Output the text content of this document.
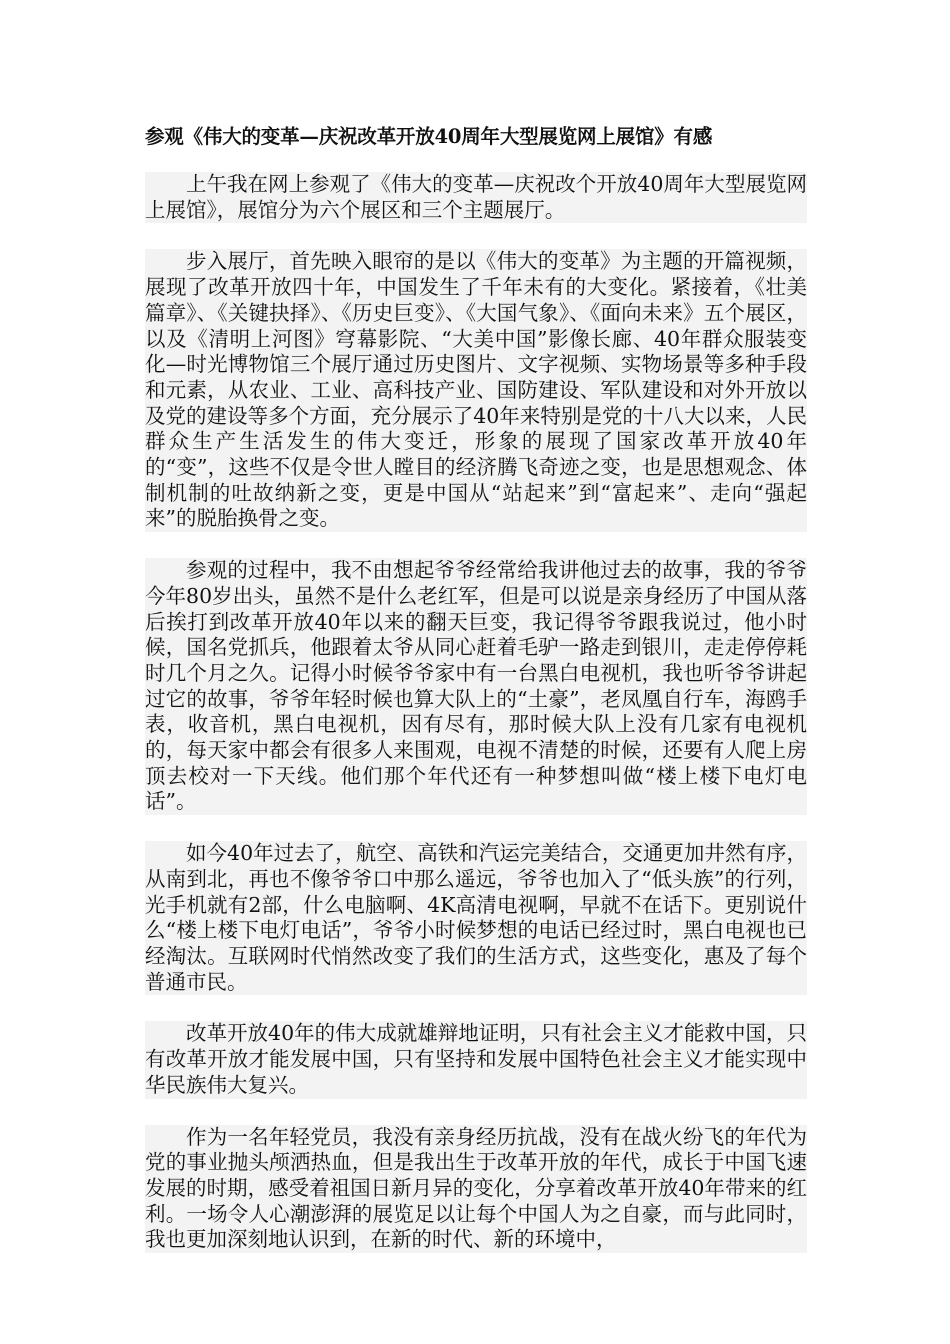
参观《伟大的变革—庆祝改革开放40周年大型展览网上展馆》有感

上午我在网上参观了《伟大的变革—庆祝改个开放40周年大型展览网上展馆》，展馆分为六个展区和三个主题展厅。

步入展厅，首先映入眼帘的是以《伟大的变革》为主题的开篇视频，展现了改革开放四十年，中国发生了千年未有的大变化。紧接着，《壮美篇章》、《关键抉择》、《历史巨变》、《大国气象》、《面向未来》五个展区，以及《清明上河图》穹幕影院、“大美中国”影像长廊、40年群众服装变化—时光博物馆三个展厅通过历史图片、文字视频、实物场景等多种手段和元素，从农业、工业、高科技产业、国防建设、军队建设和对外开放以及党的建设等多个方面，充分展示了40年来特别是党的十八大以来，人民群众生产生活发生的伟大变迁，形象的展现了国家改革开放40年的“变”，这些不仅是令世人瞠目的经济腾飞奇迹之变，也是思想观念、体制机制的吐故纳新之变，更是中国从“站起来”到“富起来”、走向“强起来”的脱胎换骨之变。

参观的过程中，我不由想起爷爷经常给我讲他过去的故事，我的爷爷今年80岁出头，虽然不是什么老红军，但是可以说是亲身经历了中国从落后挨打到改革开放40年以来的翻天巨变，我记得爷爷跟我说过，他小时候，国名党抓兵，他跟着太爷从同心赶着毛驴一路走到银川，走走停停耗时几个月之久。记得小时候爷爷家中有一台黑白电视机，我也听爷爷讲起过它的故事，爷爷年轻时候也算大队上的“土豪”，老凤凰自行车，海鸥手表，收音机，黑白电视机，因有尽有，那时候大队上没有几家有电视机的，每天家中都会有很多人来围观，电视不清楚的时候，还要有人爬上房顶去校对一下天线。他们那个年代还有一种梦想叫做“楼上楼下电灯电话”。

如今40年过去了，航空、高铁和汽运完美结合，交通更加井然有序，从南到北，再也不像爷爷口中那么遥远，爷爷也加入了“低头族”的行列，光手机就有2部，什么电脑啊、4K高清电视啊，早就不在话下。更别说什么“楼上楼下电灯电话”，爷爷小时候梦想的电话已经过时，黑白电视也已经淘汰。互联网时代悄然改变了我们的生活方式，这些变化，惠及了每个普通市民。

改革开放40年的伟大成就雄辩地证明，只有社会主义才能救中国，只有改革开放才能发展中国，只有坚持和发展中国特色社会主义才能实现中华民族伟大复兴。

作为一名年轻党员，我没有亲身经历抗战，没有在战火纷飞的年代为党的事业抛头颅洒热血，但是我出生于改革开放的年代，成长于中国飞速发展的时期，感受着祖国日新月异的变化，分享着改革开放40年带来的红利。一场令人心潮澎湃的展览足以让每个中国人为之自豪，而与此同时，我也更加深刻地认识到，在新的时代、新的环境中，
